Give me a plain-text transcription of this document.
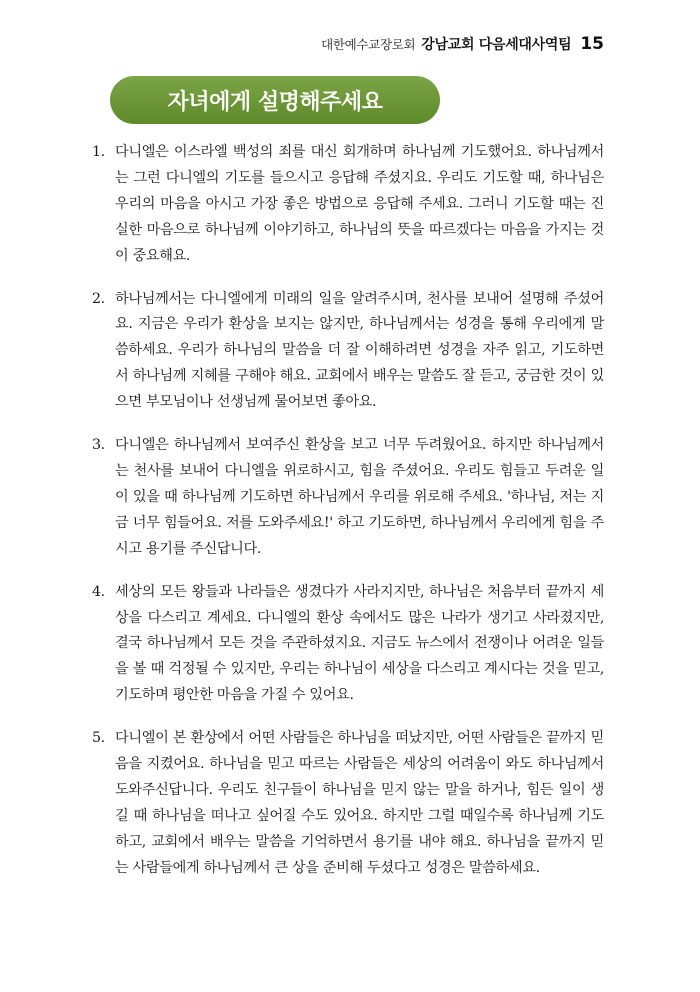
대한예수교장로회 강남교회 다음세대사역팀 15
자녀에게 설명해주세요
1. 다니엘은 이스라엘 백성의 죄를 대신 회개하며 하나님께 기도했어요. 하나님께서는 그런 다니엘의 기도를 들으시고 응답해 주셨지요. 우리도 기도할 때, 하나님은 우리의 마음을 아시고 가장 좋은 방법으로 응답해 주세요. 그러니 기도할 때는 진실한 마음으로 하나님께 이야기하고, 하나님의 뜻을 따르겠다는 마음을 가지는 것이 중요해요.
2. 하나님께서는 다니엘에게 미래의 일을 알려주시며, 천사를 보내어 설명해 주셨어요. 지금은 우리가 환상을 보지는 않지만, 하나님께서는 성경을 통해 우리에게 말씀하세요. 우리가 하나님의 말씀을 더 잘 이해하려면 성경을 자주 읽고, 기도하면서 하나님께 지혜를 구해야 해요. 교회에서 배우는 말씀도 잘 듣고, 궁금한 것이 있으면 부모님이나 선생님께 물어보면 좋아요.
3. 다니엘은 하나님께서 보여주신 환상을 보고 너무 두려웠어요. 하지만 하나님께서는 천사를 보내어 다니엘을 위로하시고, 힘을 주셨어요. 우리도 힘들고 두려운 일이 있을 때 하나님께 기도하면 하나님께서 우리를 위로해 주세요. '하나님, 저는 지금 너무 힘들어요. 저를 도와주세요!' 하고 기도하면, 하나님께서 우리에게 힘을 주시고 용기를 주신답니다.
4. 세상의 모든 왕들과 나라들은 생겼다가 사라지지만, 하나님은 처음부터 끝까지 세상을 다스리고 계세요. 다니엘의 환상 속에서도 많은 나라가 생기고 사라졌지만, 결국 하나님께서 모든 것을 주관하셨지요. 지금도 뉴스에서 전쟁이나 어려운 일들을 볼 때 걱정될 수 있지만, 우리는 하나님이 세상을 다스리고 계시다는 것을 믿고, 기도하며 평안한 마음을 가질 수 있어요.
5. 다니엘이 본 환상에서 어떤 사람들은 하나님을 떠났지만, 어떤 사람들은 끝까지 믿음을 지켰어요. 하나님을 믿고 따르는 사람들은 세상의 어려움이 와도 하나님께서 도와주신답니다. 우리도 친구들이 하나님을 믿지 않는 말을 하거나, 힘든 일이 생길 때 하나님을 떠나고 싶어질 수도 있어요. 하지만 그럴 때일수록 하나님께 기도하고, 교회에서 배우는 말씀을 기억하면서 용기를 내야 해요. 하나님을 끝까지 믿는 사람들에게 하나님께서 큰 상을 준비해 두셨다고 성경은 말씀하세요.
